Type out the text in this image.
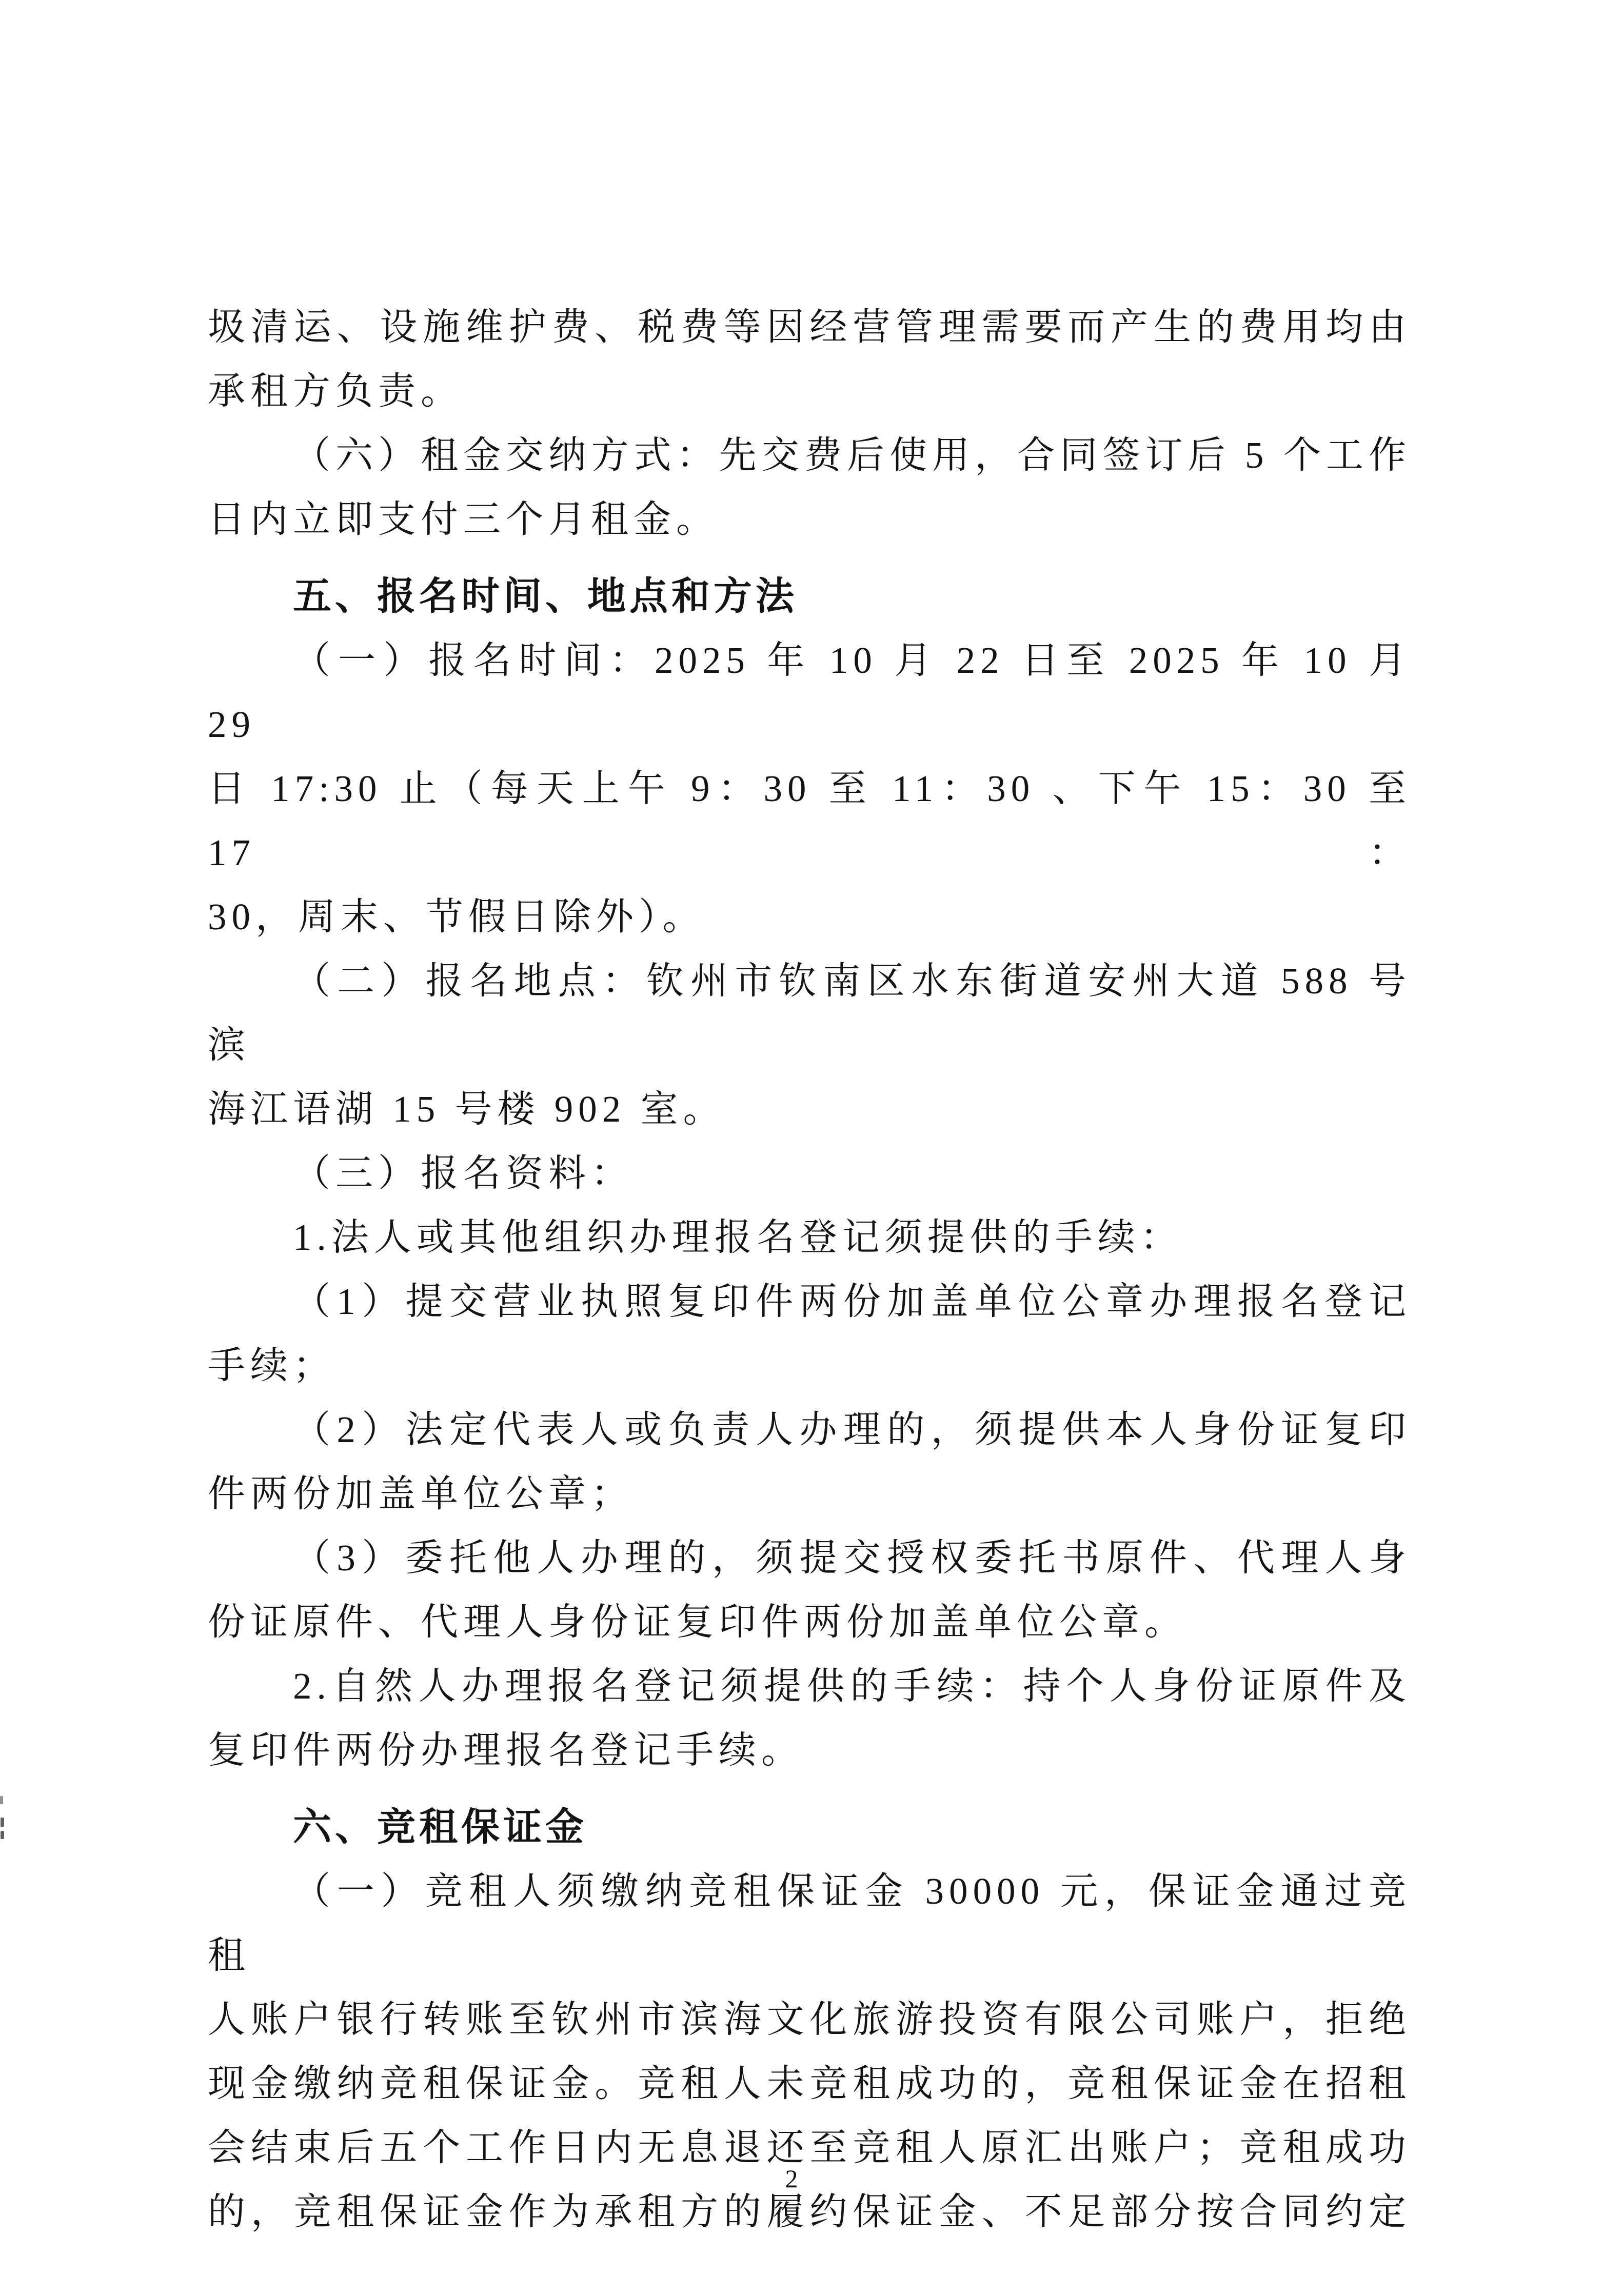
圾清运、设施维护费、税费等因经营管理需要而产生的费用均由
承租方负责。
（六）租金交纳方式：先交费后使用，合同签订后 5 个工作
日内立即支付三个月租金。
五、报名时间、地点和方法
（一）报名时间：2025 年 10 月 22 日至 2025 年 10 月 29
日 17:30 止（每天上午 9：30 至 11：30 、下午 15：30 至 17：
30，周末、节假日除外）。
（二）报名地点：钦州市钦南区水东街道安州大道 588 号滨
海江语湖 15 号楼 902 室。
（三）报名资料：
1.法人或其他组织办理报名登记须提供的手续：
（1）提交营业执照复印件两份加盖单位公章办理报名登记
手续；
（2）法定代表人或负责人办理的，须提供本人身份证复印
件两份加盖单位公章；
（3）委托他人办理的，须提交授权委托书原件、代理人身
份证原件、代理人身份证复印件两份加盖单位公章。
2.自然人办理报名登记须提供的手续：持个人身份证原件及
复印件两份办理报名登记手续。
六、竞租保证金
（一）竞租人须缴纳竞租保证金 30000 元，保证金通过竞租
人账户银行转账至钦州市滨海文化旅游投资有限公司账户，拒绝
现金缴纳竞租保证金。竞租人未竞租成功的，竞租保证金在招租
会结束后五个工作日内无息退还至竞租人原汇出账户；竞租成功
的，竞租保证金作为承租方的履约保证金、不足部分按合同约定
2
